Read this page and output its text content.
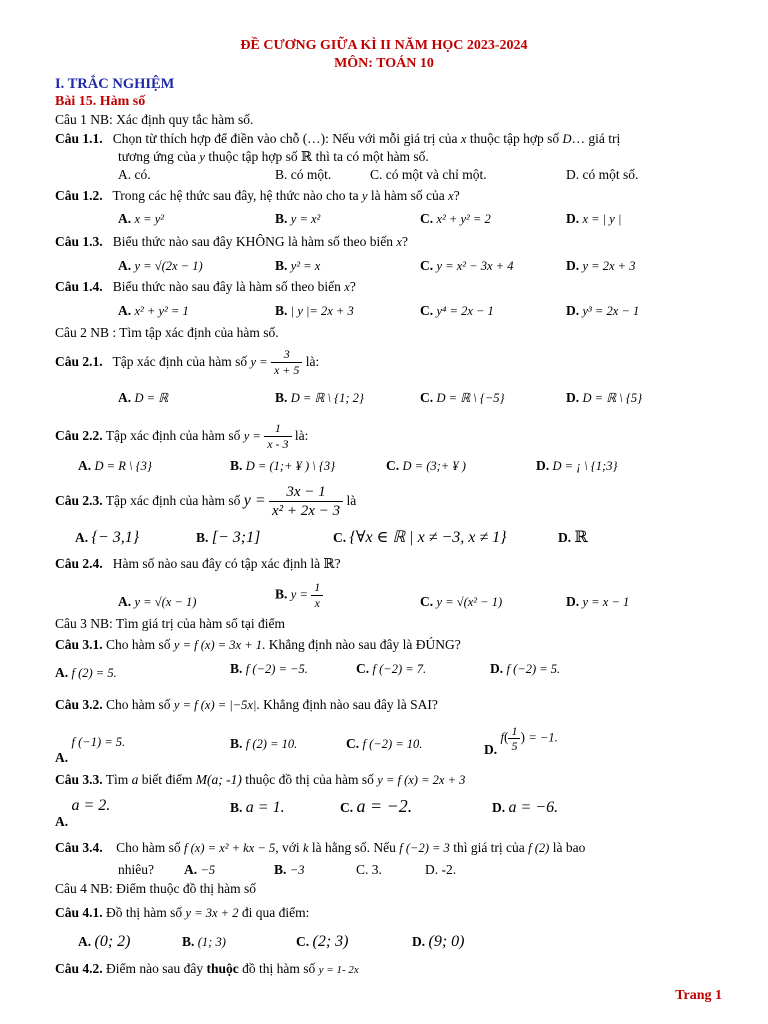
ĐỀ CƯƠNG GIỮA KÌ II NĂM HỌC 2023-2024
MÔN: TOÁN 10
I. TRẮC NGHIỆM
Bài 15. Hàm số
Câu 1 NB: Xác định quy tắc hàm số.
Câu 1.1. Chọn từ thích hợp để điền vào chỗ (…): Nếu với mỗi giá trị của x thuộc tập hợp số D… giá trị
tương ứng của y thuộc tập hợp số ℝ thì ta có một hàm số.
A. có.	B. có một.	C. có một và chỉ một.	D. có một số.
Câu 1.2. Trong các hệ thức sau đây, hệ thức nào cho ta y là hàm số của x?
A. x = y²	B. y = x²	C. x² + y² = 2	D. x = | y |
Câu 1.3. Biểu thức nào sau đây KHÔNG là hàm số theo biến x?
A. y = √(2x − 1)	B. y² = x	C. y = x² − 3x + 4	D. y = 2x + 3
Câu 1.4. Biểu thức nào sau đây là hàm số theo biến x?
A. x² + y² = 1	B. | y |= 2x + 3	C. y⁴ = 2x − 1	D. y³ = 2x − 1
Câu 2 NB : Tìm tập xác định của hàm số.
Câu 2.1. Tập xác định của hàm số $y = \frac{3}{x + 5}$ là:
A. D = ℝ	B. D = ℝ \ {1; 2}	C. D = ℝ \ {−5}	D. D = ℝ \ {5}
Câu 2.2. Tập xác định của hàm số $y = \frac{1}{x - 3}$ là:
A. D = R \ {3}	B. D = (1;+ ¥ ) \ {3}	C. D = (3;+ ¥ )	D. D = ¡ \ {1;3}
Câu 2.3. Tập xác định của hàm số $y = \frac{3x - 1}{\text{x² + 2x − 3}}$ là
A. {− 3,1}	B. [− 3;1]	C. {∀x ∈ ℝ | x ≠ −3, x ≠ 1}	D. ℝ
Câu 2.4. Hàm số nào sau đây có tập xác định là ℝ?
A. y = √(x − 1)
B. $y = \frac{1}{x}$	C. y = √(x² − 1)	D. y = x − 1
Câu 3 NB: Tìm giá trị của hàm số tại điểm
Câu 3.1. Cho hàm số y = f (x) = 3x + 1. Khẳng định nào sau đây là ĐÚNG?
A. f (2) = 5.	B. f (−2) = −5.	C. f (−2) = 7.	D. f (−2) = 5.
Câu 3.2. Cho hàm số y = f (x) = |−5x|. Khẳng định nào sau đây là SAI?
A. f (−1) = 5.	B. f (2) = 10.	C. f (−2) = 10.	D. $f( \frac{1}{5}$ ) = −1.
Câu 3.3. Tìm a biết điểm M(a; -1) thuộc đồ thị của hàm số y = f (x) = 2x + 3
A. a = 2.	B. a = 1.	C. a = −2.	D. a = −6.
Câu 3.4. Cho hàm số f (x) = x² + kx − 5, với k là hằng số. Nếu f (−2) = 3 thì giá trị của f (2) là bao
nhiêu? A. −5	B. −3	C. 3.	D. -2.
Câu 4 NB: Điểm thuộc đồ thị hàm số
Câu 4.1. Đồ thị hàm số y = 3x + 2 đi qua điểm:
A. (0; 2)	B. (1; 3)	C. (2; 3)	D. (9; 0)
Câu 4.2. Điểm nào sau đây thuộc đồ thị hàm số y = 1- 2x
Trang 1
